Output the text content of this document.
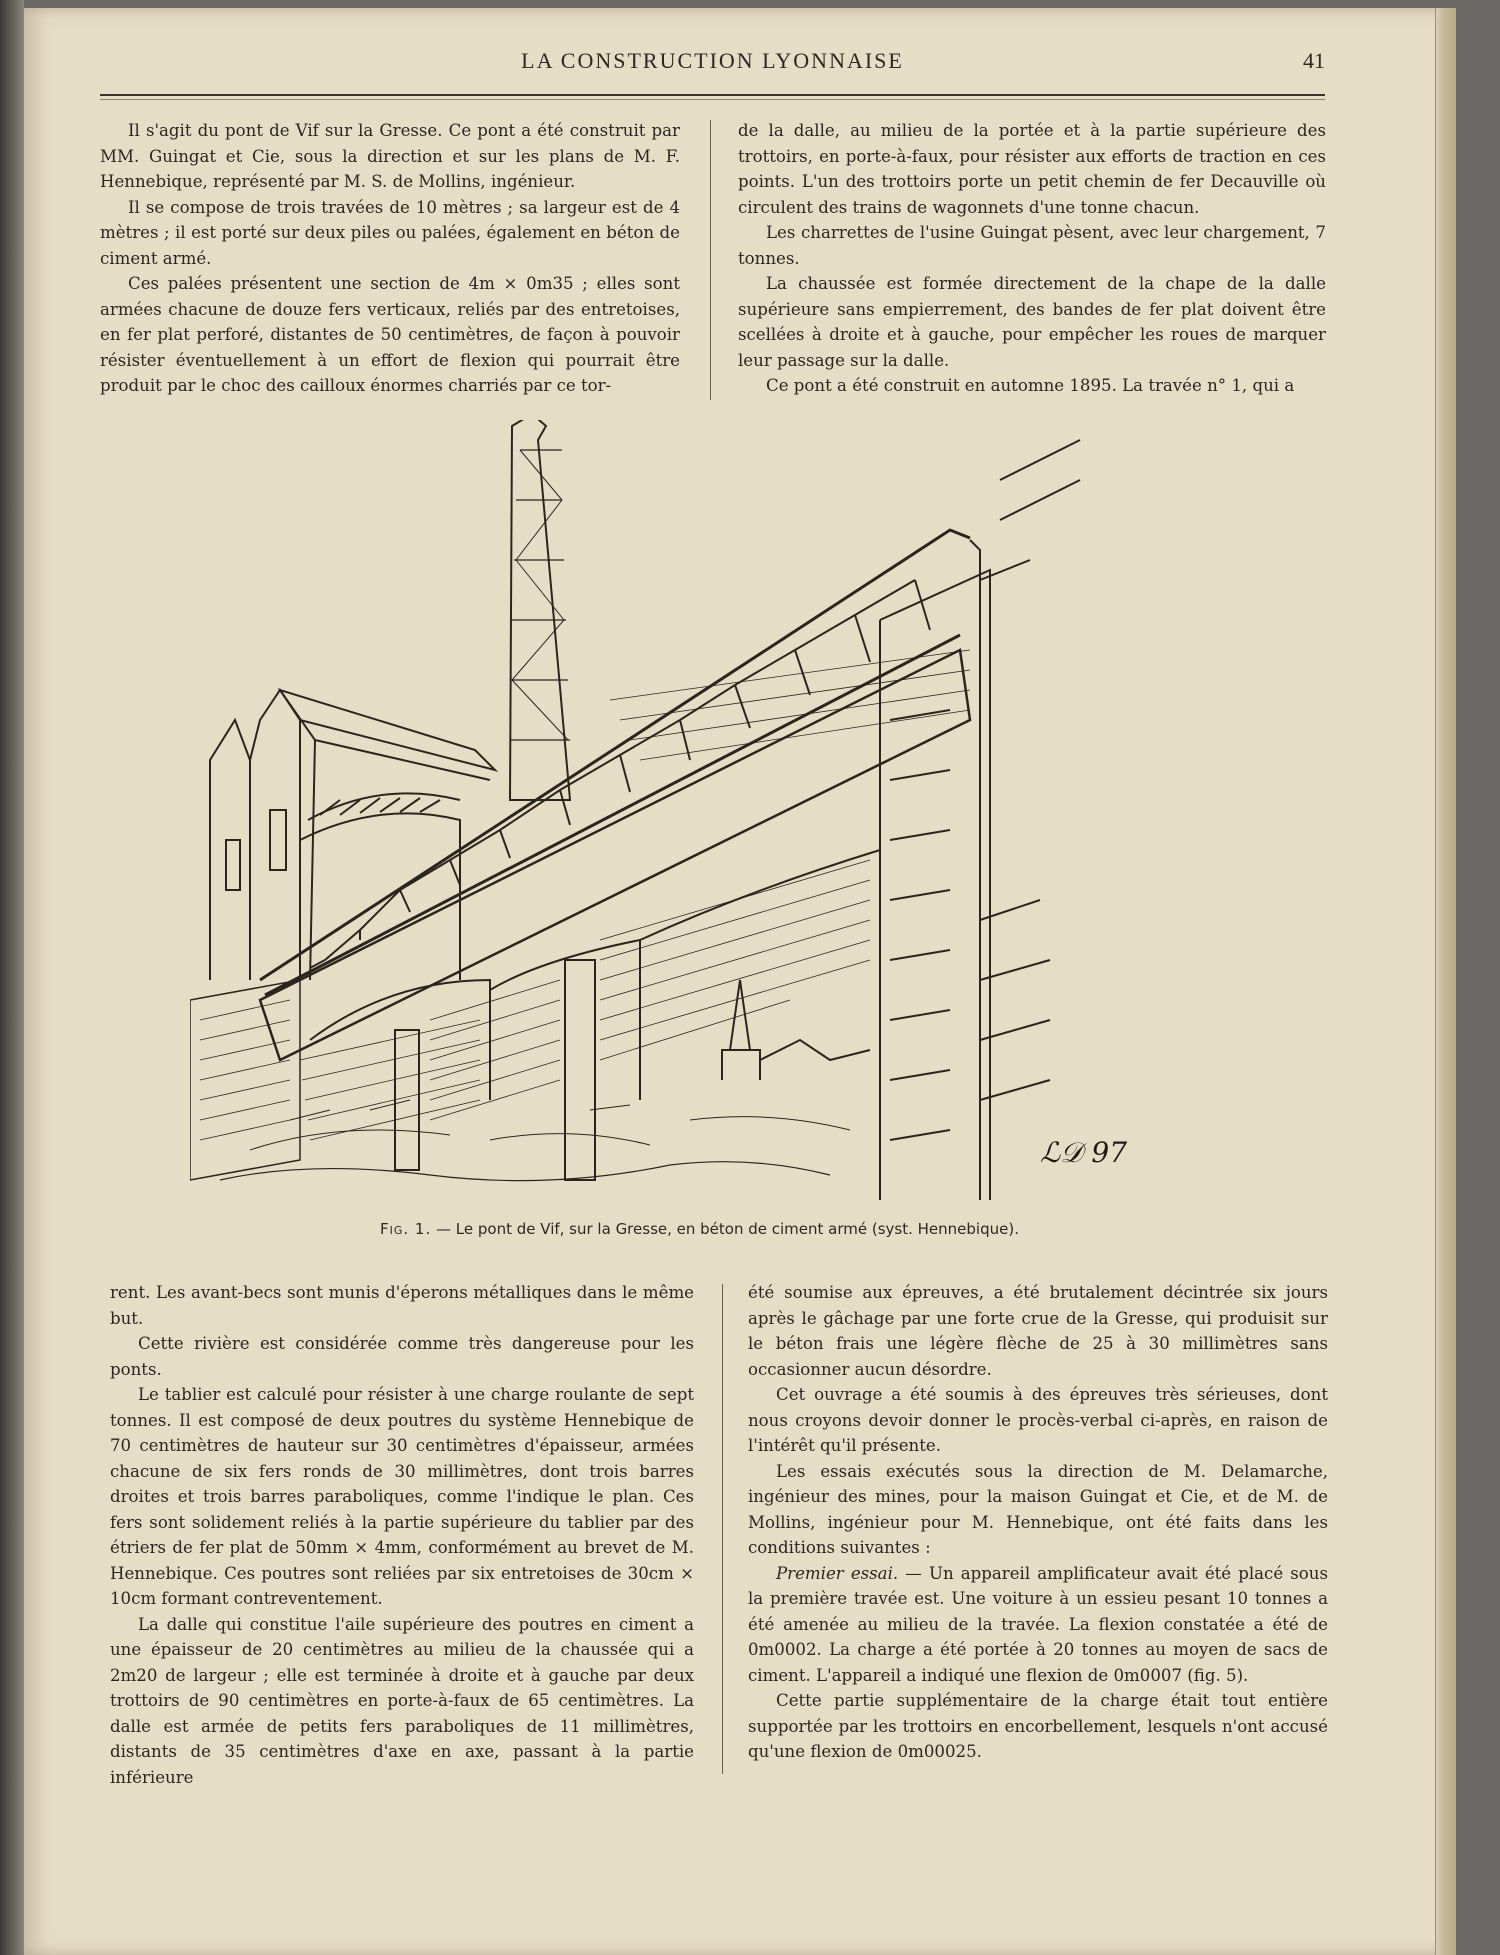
LA CONSTRUCTION LYONNAISE	41

Il s'agit du pont de Vif sur la Gresse. Ce pont a été construit par MM. Guingat et Cie, sous la direction et sur les plans de M. F. Hennebique, représenté par M. S. de Mollins, ingénieur.

Il se compose de trois travées de 10 mètres ; sa largeur est de 4 mètres ; il est porté sur deux piles ou palées, également en béton de ciment armé.

Ces palées présentent une section de 4m × 0m35 ; elles sont armées chacune de douze fers verticaux, reliés par des entretoises, en fer plat perforé, distantes de 50 centimètres, de façon à pouvoir résister éventuellement à un effort de flexion qui pourrait être produit par le choc des cailloux énormes charriés par ce tor-

de la dalle, au milieu de la portée et à la partie supérieure des trottoirs, en porte-à-faux, pour résister aux efforts de traction en ces points. L'un des trottoirs porte un petit chemin de fer Decauville où circulent des trains de wagonnets d'une tonne chacun.

Les charrettes de l'usine Guingat pèsent, avec leur chargement, 7 tonnes.

La chaussée est formée directement de la chape de la dalle supérieure sans empierrement, des bandes de fer plat doivent être scellées à droite et à gauche, pour empêcher les roues de marquer leur passage sur la dalle.

Ce pont a été construit en automne 1895. La travée n° 1, qui a

ℒ𝒟 97
Fig. 1. — Le pont de Vif, sur la Gresse, en béton de ciment armé (syst. Hennebique).

rent. Les avant-becs sont munis d'éperons métalliques dans le même but.

Cette rivière est considérée comme très dangereuse pour les ponts.

Le tablier est calculé pour résister à une charge roulante de sept tonnes. Il est composé de deux poutres du système Hennebique de 70 centimètres de hauteur sur 30 centimètres d'épaisseur, armées chacune de six fers ronds de 30 millimètres, dont trois barres droites et trois barres paraboliques, comme l'indique le plan. Ces fers sont solidement reliés à la partie supérieure du tablier par des étriers de fer plat de 50mm × 4mm, conformément au brevet de M. Hennebique. Ces poutres sont reliées par six entretoises de 30cm × 10cm formant contreventement.

La dalle qui constitue l'aile supérieure des poutres en ciment a une épaisseur de 20 centimètres au milieu de la chaussée qui a 2m20 de largeur ; elle est terminée à droite et à gauche par deux trottoirs de 90 centimètres en porte-à-faux de 65 centimètres. La dalle est armée de petits fers paraboliques de 11 millimètres, distants de 35 centimètres d'axe en axe, passant à la partie inférieure

été soumise aux épreuves, a été brutalement décintrée six jours après le gâchage par une forte crue de la Gresse, qui produisit sur le béton frais une légère flèche de 25 à 30 millimètres sans occasionner aucun désordre.

Cet ouvrage a été soumis à des épreuves très sérieuses, dont nous croyons devoir donner le procès-verbal ci-après, en raison de l'intérêt qu'il présente.

Les essais exécutés sous la direction de M. Delamarche, ingénieur des mines, pour la maison Guingat et Cie, et de M. de Mollins, ingénieur pour M. Hennebique, ont été faits dans les conditions suivantes :

Premier essai. — Un appareil amplificateur avait été placé sous la première travée est. Une voiture à un essieu pesant 10 tonnes a été amenée au milieu de la travée. La flexion constatée a été de 0m0002. La charge a été portée à 20 tonnes au moyen de sacs de ciment. L'appareil a indiqué une flexion de 0m0007 (fig. 5).

Cette partie supplémentaire de la charge était tout entière supportée par les trottoirs en encorbellement, lesquels n'ont accusé qu'une flexion de 0m00025.
